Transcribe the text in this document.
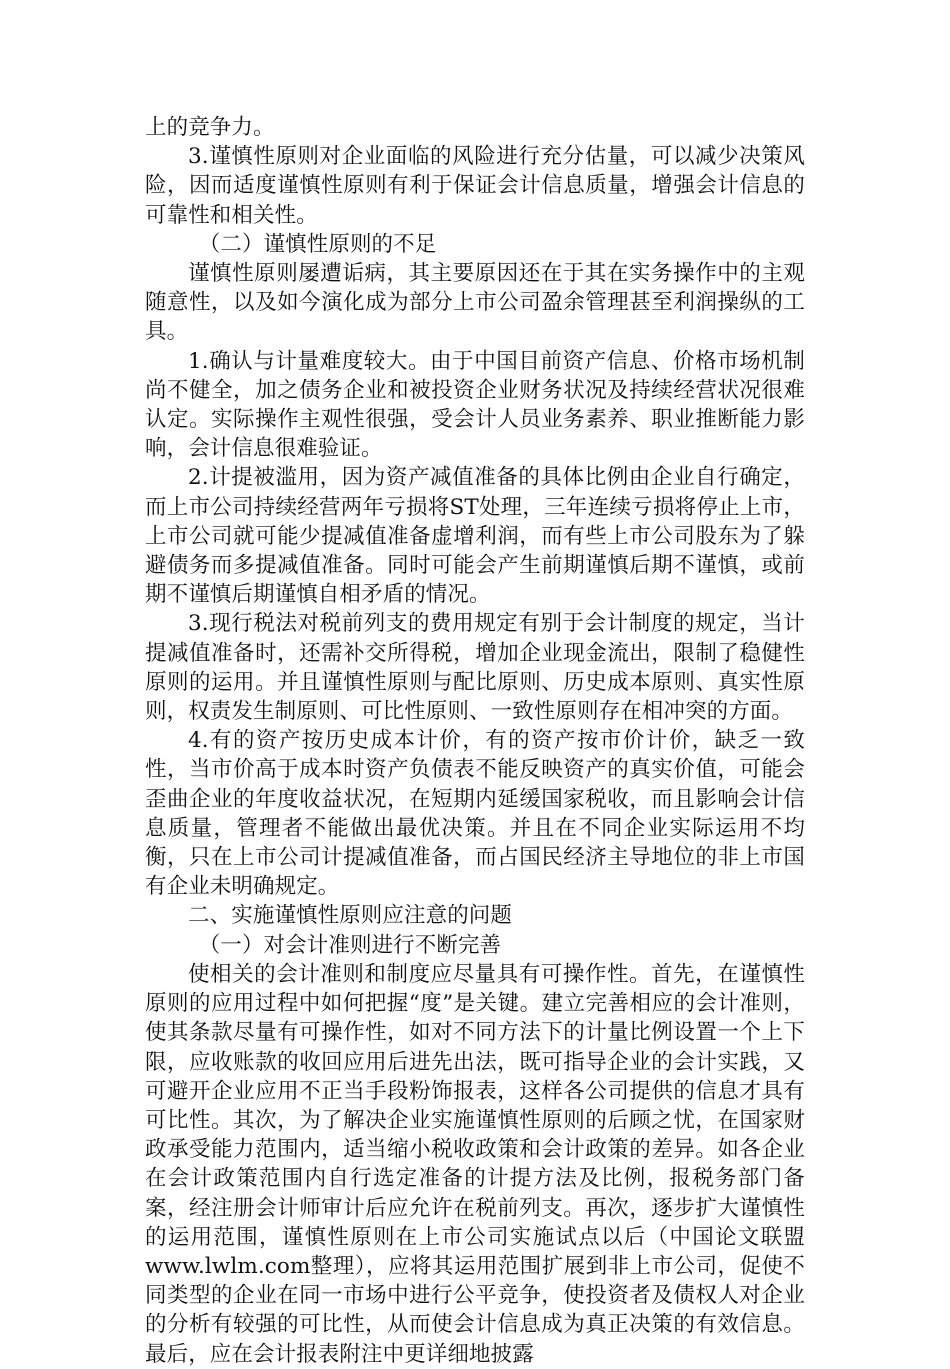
上的竞争力。

3.谨慎性原则对企业面临的风险进行充分估量，可以减少决策风险，因而适度谨慎性原则有利于保证会计信息质量，增强会计信息的可靠性和相关性。

（二）谨慎性原则的不足

谨慎性原则屡遭诟病，其主要原因还在于其在实务操作中的主观随意性，以及如今演化成为部分上市公司盈余管理甚至利润操纵的工具。

1.确认与计量难度较大。由于中国目前资产信息、价格市场机制尚不健全，加之债务企业和被投资企业财务状况及持续经营状况很难认定。实际操作主观性很强，受会计人员业务素养、职业推断能力影响，会计信息很难验证。

2.计提被滥用，因为资产减值准备的具体比例由企业自行确定，而上市公司持续经营两年亏损将ST处理，三年连续亏损将停止上市，上市公司就可能少提减值准备虚增利润，而有些上市公司股东为了躲避债务而多提减值准备。同时可能会产生前期谨慎后期不谨慎，或前期不谨慎后期谨慎自相矛盾的情况。

3.现行税法对税前列支的费用规定有别于会计制度的规定，当计提减值准备时，还需补交所得税，增加企业现金流出，限制了稳健性原则的运用。并且谨慎性原则与配比原则、历史成本原则、真实性原则，权责发生制原则、可比性原则、一致性原则存在相冲突的方面。

4.有的资产按历史成本计价，有的资产按市价计价，缺乏一致性，当市价高于成本时资产负债表不能反映资产的真实价值，可能会歪曲企业的年度收益状况，在短期内延缓国家税收，而且影响会计信息质量，管理者不能做出最优决策。并且在不同企业实际运用不均衡，只在上市公司计提减值准备，而占国民经济主导地位的非上市国有企业未明确规定。

二、实施谨慎性原则应注意的问题

（一）对会计准则进行不断完善

使相关的会计准则和制度应尽量具有可操作性。首先，在谨慎性原则的应用过程中如何把握“度”是关键。建立完善相应的会计准则，使其条款尽量有可操作性，如对不同方法下的计量比例设置一个上下限，应收账款的收回应用后进先出法，既可指导企业的会计实践，又可避开企业应用不正当手段粉饰报表，这样各公司提供的信息才具有可比性。其次，为了解决企业实施谨慎性原则的后顾之忧，在国家财政承受能力范围内，适当缩小税收政策和会计政策的差异。如各企业在会计政策范围内自行选定准备的计提方法及比例，报税务部门备案，经注册会计师审计后应允许在税前列支。再次，逐步扩大谨慎性的运用范围，谨慎性原则在上市公司实施试点以后（中国论文联盟www.lwlm.com整理），应将其运用范围扩展到非上市公司，促使不同类型的企业在同一市场中进行公平竞争，使投资者及债权人对企业的分析有较强的可比性，从而使会计信息成为真正决策的有效信息。最后，应在会计报表附注中更详细地披露
